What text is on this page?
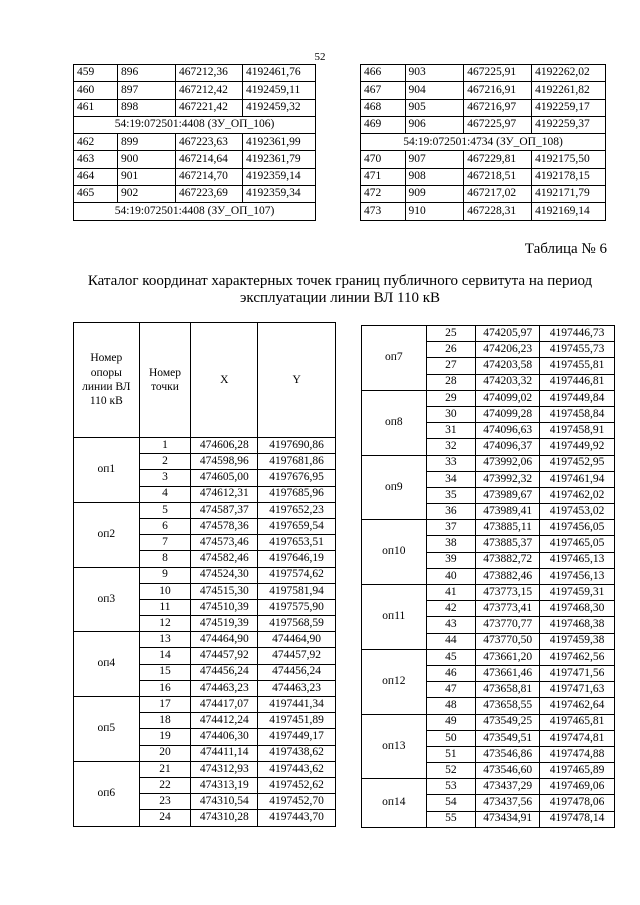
52
459	896	467212,36	4192461,76
460	897	467212,42	4192459,11
461	898	467221,42	4192459,32
54:19:072501:4408 (ЗУ_ОП_106)			
462	899	467223,63	4192361,99
463	900	467214,64	4192361,79
464	901	467214,70	4192359,14
465	902	467223,69	4192359,34
54:19:072501:4408 (ЗУ_ОП_107)			
466	903	467225,91	4192262,02
467	904	467216,91	4192261,82
468	905	467216,97	4192259,17
469	906	467225,97	4192259,37
54:19:072501:4734 (ЗУ_ОП_108)			
470	907	467229,81	4192175,50
471	908	467218,51	4192178,15
472	909	467217,02	4192171,79
473	910	467228,31	4192169,14
Таблица № 6
Каталог координат характерных точек границ публичного сервитута на период
эксплуатации линии ВЛ 110 кВ
Номер опоры линии ВЛ 110 кВ	Номер точки	X	Y
оп1	1	474606,28	4197690,86
	2	474598,96	4197681,86
	3	474605,00	4197676,95
	4	474612,31	4197685,96
оп2	5	474587,37	4197652,23
	6	474578,36	4197659,54
	7	474573,46	4197653,51
	8	474582,46	4197646,19
оп3	9	474524,30	4197574,62
	10	474515,30	4197581,94
	11	474510,39	4197575,90
	12	474519,39	4197568,59
оп4	13	474464,90	474464,90
	14	474457,92	474457,92
	15	474456,24	474456,24
	16	474463,23	474463,23
оп5	17	474417,07	4197441,34
	18	474412,24	4197451,89
	19	474406,30	4197449,17
	20	474411,14	4197438,62
оп6	21	474312,93	4197443,62
	22	474313,19	4197452,62
	23	474310,54	4197452,70
	24	474310,28	4197443,70
оп7	25	474205,97	4197446,73
	26	474206,23	4197455,73
	27	474203,58	4197455,81
	28	474203,32	4197446,81
оп8	29	474099,02	4197449,84
	30	474099,28	4197458,84
	31	474096,63	4197458,91
	32	474096,37	4197449,92
оп9	33	473992,06	4197452,95
	34	473992,32	4197461,94
	35	473989,67	4197462,02
	36	473989,41	4197453,02
оп10	37	473885,11	4197456,05
	38	473885,37	4197465,05
	39	473882,72	4197465,13
	40	473882,46	4197456,13
оп11	41	473773,15	4197459,31
	42	473773,41	4197468,30
	43	473770,77	4197468,38
	44	473770,50	4197459,38
оп12	45	473661,20	4197462,56
	46	473661,46	4197471,56
	47	473658,81	4197471,63
	48	473658,55	4197462,64
оп13	49	473549,25	4197465,81
	50	473549,51	4197474,81
	51	473546,86	4197474,88
	52	473546,60	4197465,89
оп14	53	473437,29	4197469,06
	54	473437,56	4197478,06
	55	473434,91	4197478,14
